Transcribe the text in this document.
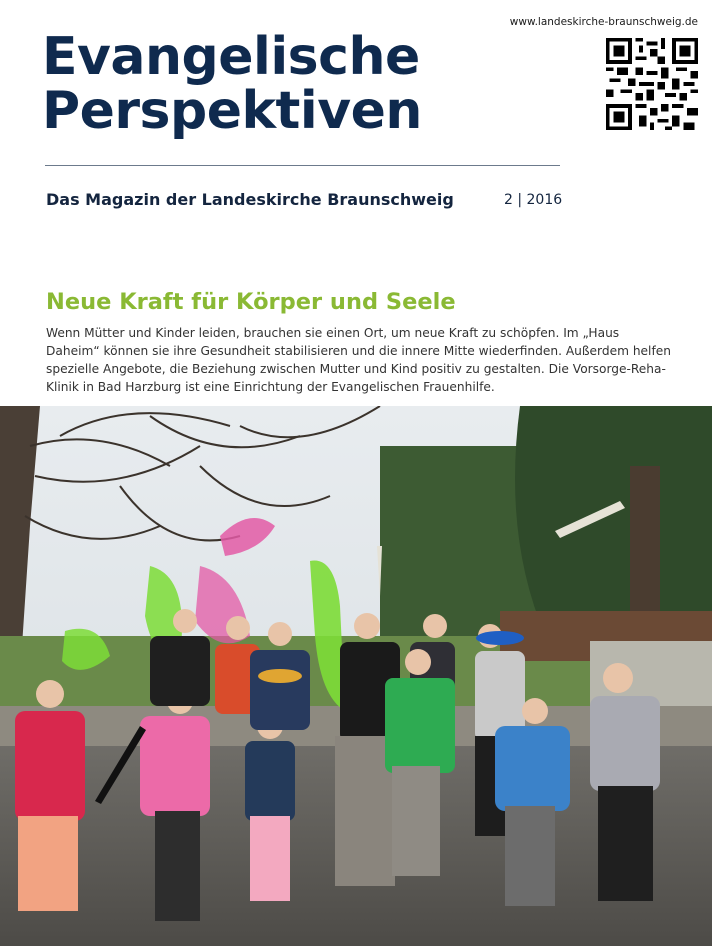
www.landeskirche-braunschweig.de
Evangelische
Perspektiven
Das Magazin der Landeskirche Braunschweig	2 | 2016
Neue Kraft für Körper und Seele
Wenn Mütter und Kinder leiden, brauchen sie einen Ort, um neue Kraft zu schöpfen. Im „Haus Daheim“ können sie ihre Gesundheit stabilisieren und die innere Mitte wiederfinden. Außerdem helfen spezielle Angebote, die Beziehung zwischen Mutter und Kind positiv zu gestalten. Die Vorsorge-Reha-Klinik in Bad Harzburg ist eine Einrichtung der Evangelischen Frauenhilfe.
